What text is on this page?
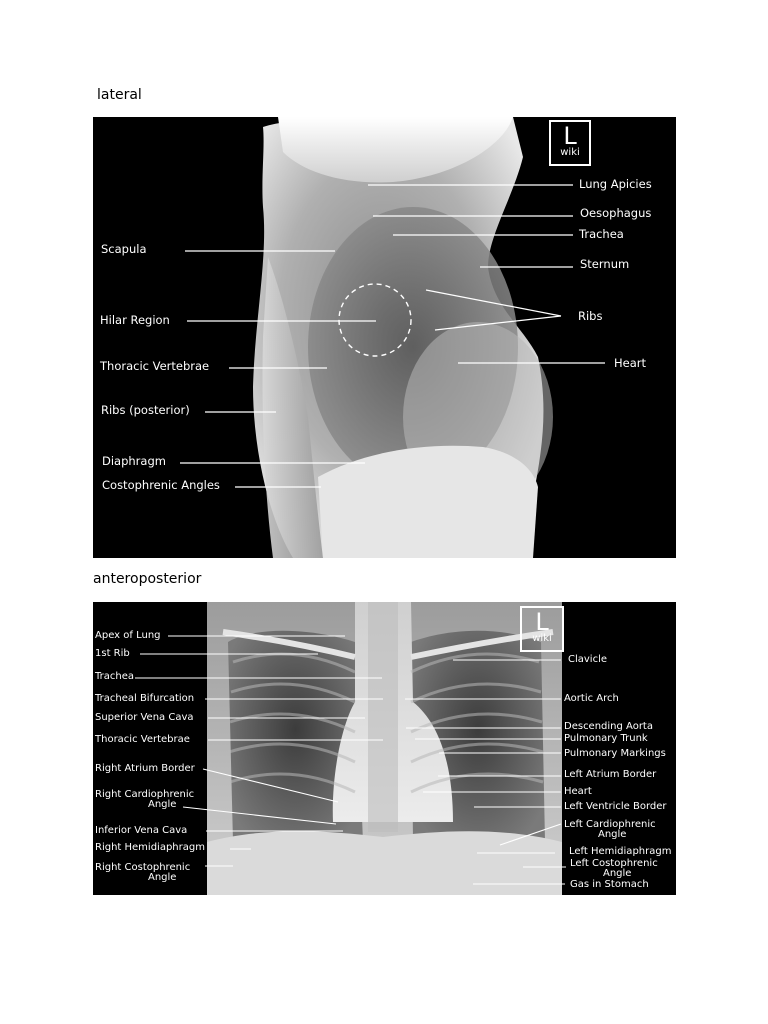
lateral
L
wiki
Lung Apicies
Oesophagus
Trachea
Sternum
Scapula
Hilar Region	Ribs
Thoracic Vertebrae	Heart
Ribs (posterior)
Diaphragm
Costophrenic Angles
anteroposterior
L
wiki
Apex of Lung
1st Rib
Trachea
Tracheal Bifurcation
Superior Vena Cava
Thoracic Vertebrae
Right Atrium Border
Right Cardiophrenic
Angle
Inferior Vena Cava
Right Hemidiaphragm
Right Costophrenic
Angle
Clavicle
Aortic Arch
Descending Aorta
Pulmonary Trunk
Pulmonary Markings
Left Atrium Border
Heart
Left Ventricle Border
Left Cardiophrenic
Angle
Left Hemidiaphragm
Left Costophrenic
Angle
Gas in Stomach
